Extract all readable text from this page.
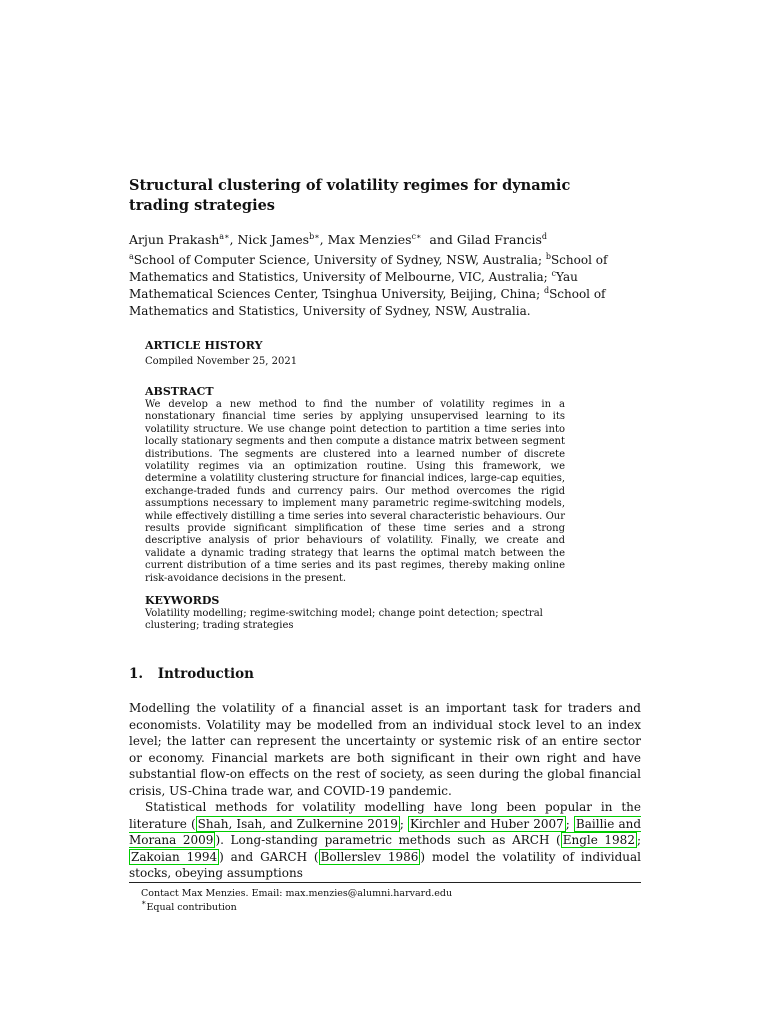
Structural clustering of volatility regimes for dynamic trading strategies
Arjun Prakash$^{a∗}$, Nick James$^{b∗}$, Max Menzies$^{c∗}$  and Gilad Francis$^d$
$^a$School of Computer Science, University of Sydney, NSW, Australia; $^b$School of Mathematics and Statistics, University of Melbourne, VIC, Australia; $^c$Yau Mathematical Sciences Center, Tsinghua University, Beijing, China; $^d$School of Mathematics and Statistics, University of Sydney, NSW, Australia.
ARTICLE HISTORY
Compiled November 25, 2021
ABSTRACT
We develop a new method to find the number of volatility regimes in a nonstationary financial time series by applying unsupervised learning to its volatility structure. We use change point detection to partition a time series into locally stationary segments and then compute a distance matrix between segment distributions. The segments are clustered into a learned number of discrete volatility regimes via an optimization routine. Using this framework, we determine a volatility clustering structure for financial indices, large-cap equities, exchange-traded funds and currency pairs. Our method overcomes the rigid assumptions necessary to implement many parametric regime-switching models, while effectively distilling a time series into several characteristic behaviours. Our results provide significant simplification of these time series and a strong descriptive analysis of prior behaviours of volatility. Finally, we create and validate a dynamic trading strategy that learns the optimal match between the current distribution of a time series and its past regimes, thereby making online risk-avoidance decisions in the present.
KEYWORDS
Volatility modelling; regime-switching model; change point detection; spectral clustering; trading strategies
1. Introduction

Modelling the volatility of a financial asset is an important task for traders and economists. Volatility may be modelled from an individual stock level to an index level; the latter can represent the uncertainty or systemic risk of an entire sector or economy. Financial markets are both significant in their own right and have substantial flow-on effects on the rest of society, as seen during the global financial crisis, US-China trade war, and COVID-19 pandemic.

Statistical methods for volatility modelling have long been popular in the literature ( Shah, Isah, and Zulkernine 2019 ; Kirchler and Huber 2007 ; Baillie and Morana 2009 ). Long-standing parametric methods such as ARCH ( Engle 1982 ; Zakoian 1994 ) and GARCH ( Bollerslev 1986 ) model the volatility of individual stocks, obeying assumptions

Contact Max Menzies. Email: max.menzies@alumni.harvard.edu
∗Equal contribution
